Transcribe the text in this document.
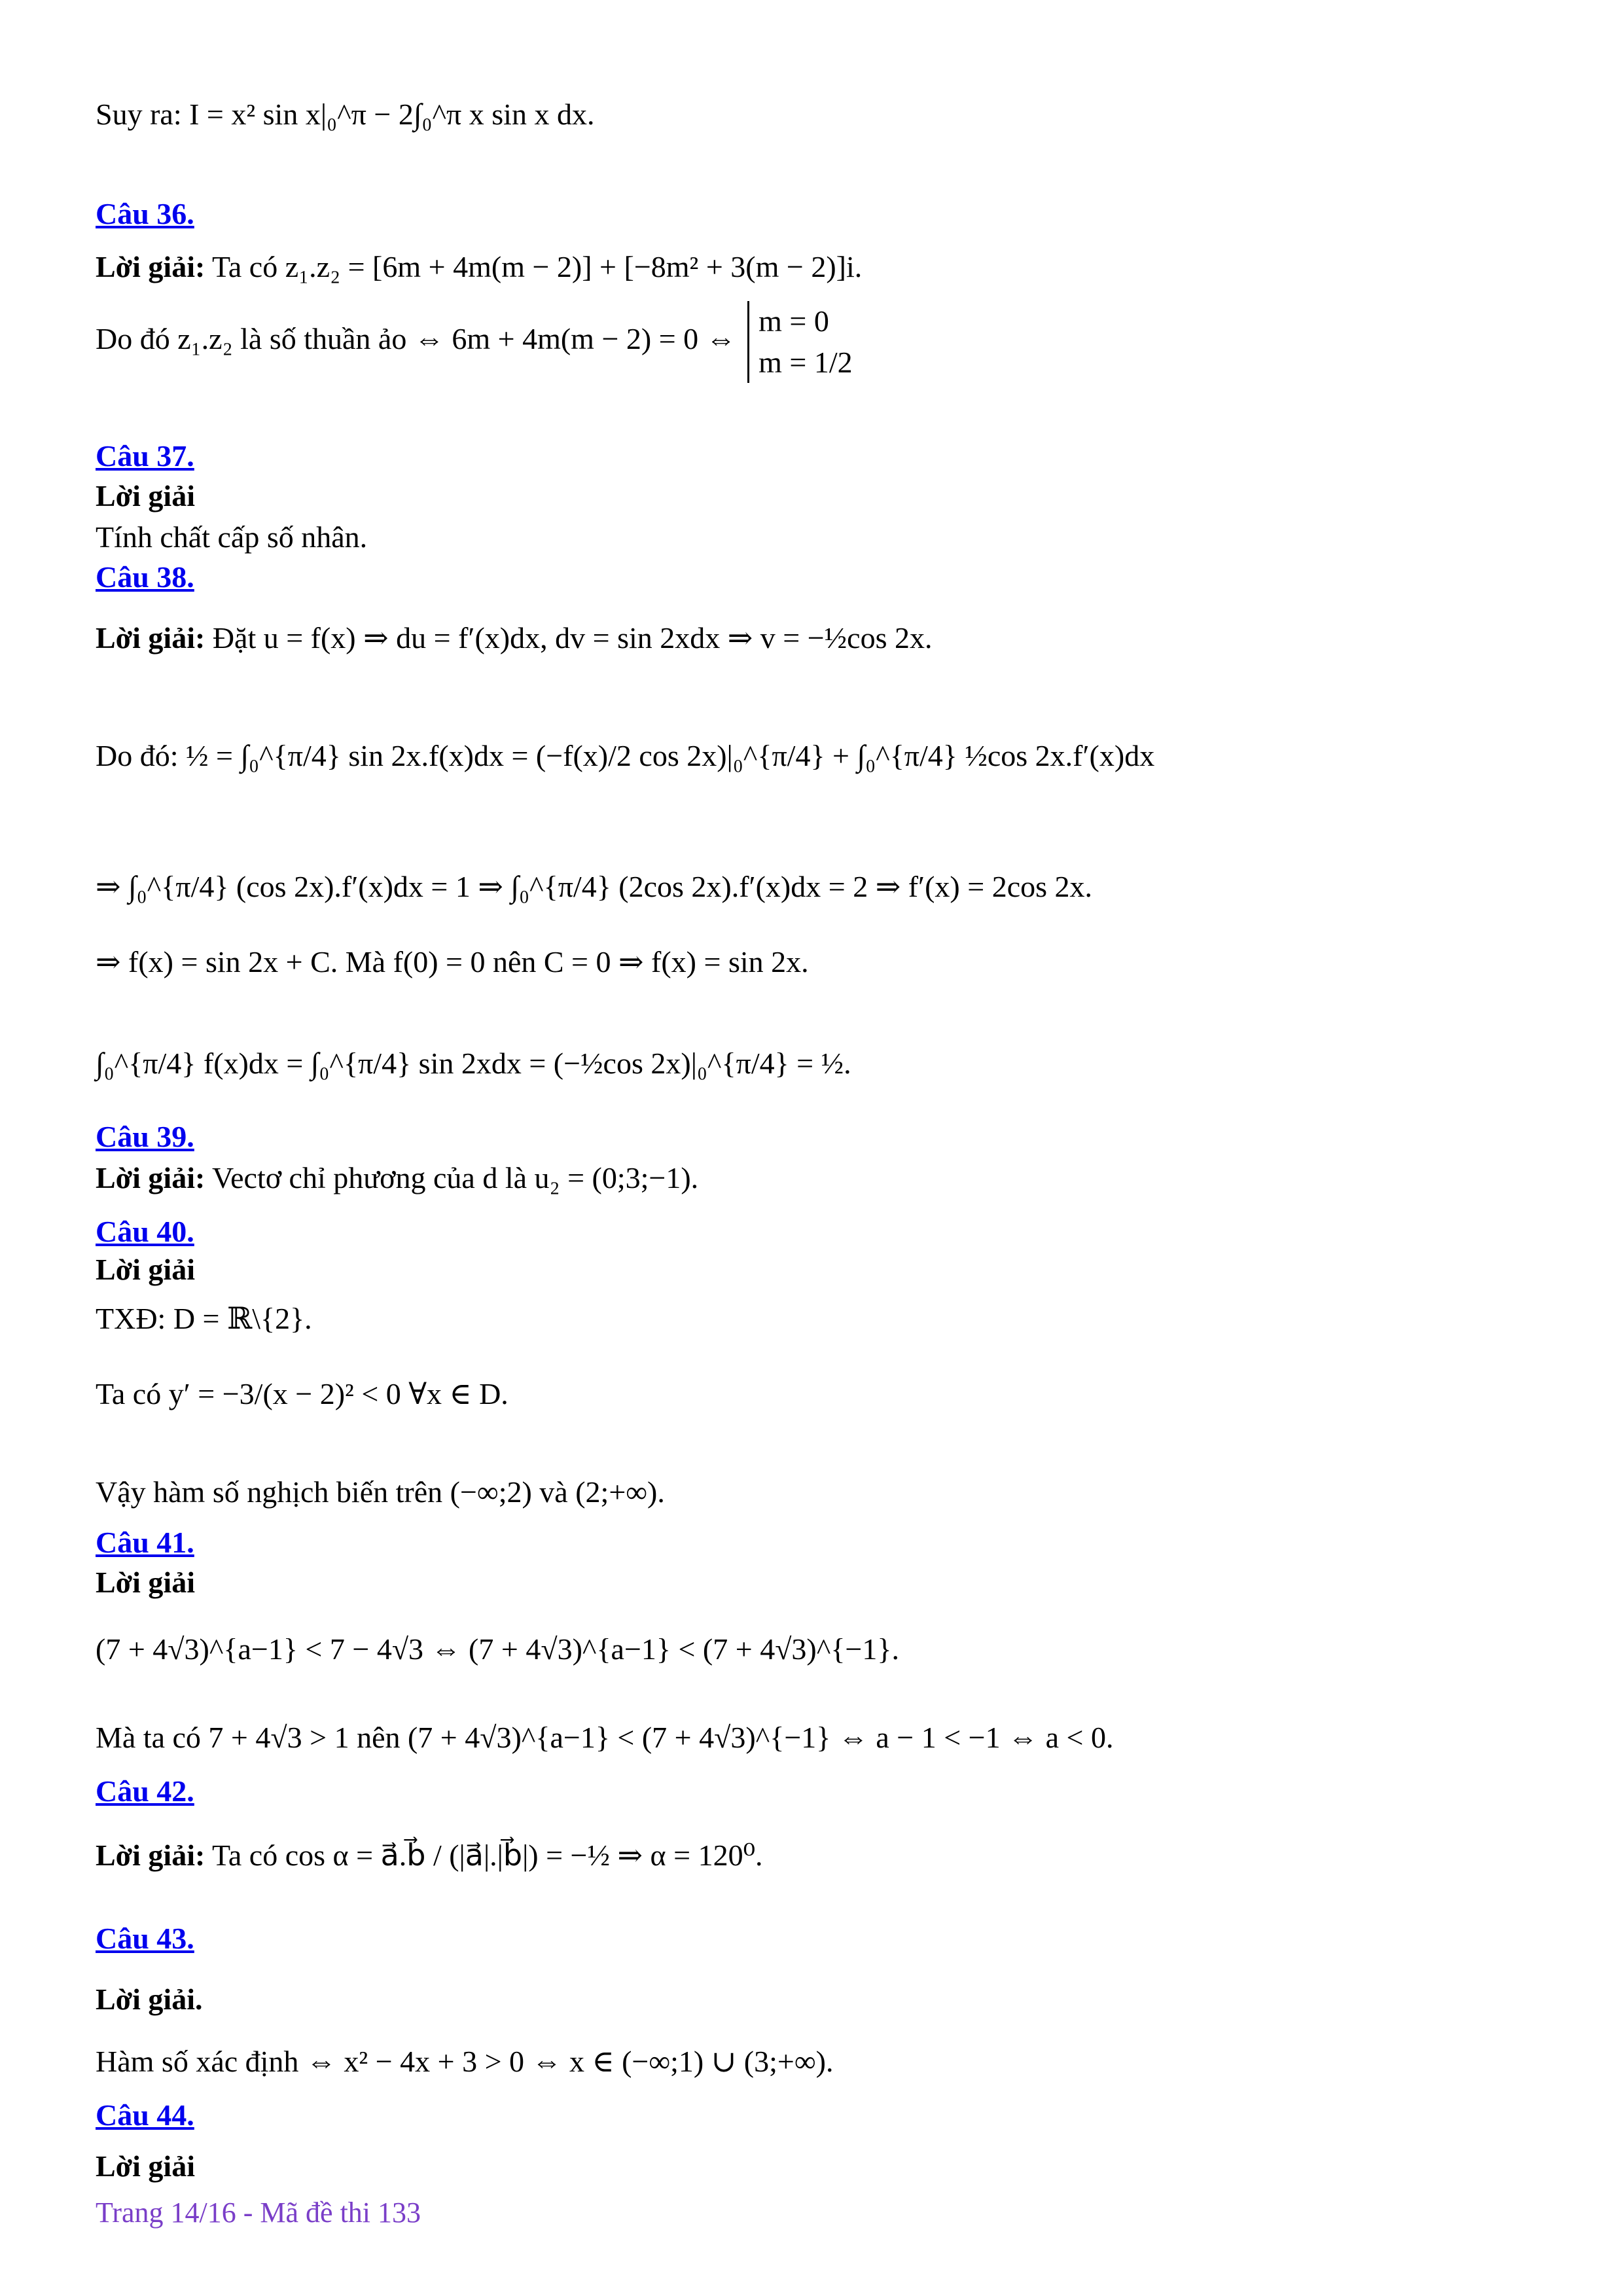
Suy ra: I = x² sin x|₀^π − 2∫₀^π x sin x dx.
Câu 36.
Lời giải: Ta có z₁.z₂ = [6m + 4m(m − 2)] + [−8m² + 3(m − 2)]i.
Do đó z₁.z₂ là số thuần ảo ⇔ 6m + 4m(m − 2) = 0 ⇔
m = 0
m = 1/2
Câu 37.
Lời giải
Tính chất cấp số nhân.
Câu 38.
Lời giải: Đặt u = f(x) ⇒ du = f′(x)dx, dv = sin 2xdx ⇒ v = −½cos 2x.
Do đó: ½ = ∫₀^{π/4} sin 2x.f(x)dx = (−f(x)/2 cos 2x)|₀^{π/4} + ∫₀^{π/4} ½cos 2x.f′(x)dx
⇒ ∫₀^{π/4} (cos 2x).f′(x)dx = 1 ⇒ ∫₀^{π/4} (2cos 2x).f′(x)dx = 2 ⇒ f′(x) = 2cos 2x.
⇒ f(x) = sin 2x + C. Mà f(0) = 0 nên C = 0 ⇒ f(x) = sin 2x.
∫₀^{π/4} f(x)dx = ∫₀^{π/4} sin 2xdx = (−½cos 2x)|₀^{π/4} = ½.
Câu 39.
Lời giải: Vectơ chỉ phương của d là u₂ = (0;3;−1).
Câu 40.
Lời giải
TXĐ: D = ℝ\{2}.
Ta có y′ = −3/(x − 2)² < 0 ∀x ∈ D.
Vậy hàm số nghịch biến trên (−∞;2) và (2;+∞).
Câu 41.
Lời giải
(7 + 4√3)^{a−1} < 7 − 4√3 ⇔ (7 + 4√3)^{a−1} < (7 + 4√3)^{−1}.
Mà ta có 7 + 4√3 > 1 nên (7 + 4√3)^{a−1} < (7 + 4√3)^{−1} ⇔ a − 1 < −1 ⇔ a < 0.
Câu 42.
Lời giải: Ta có cos α = a⃗.b⃗ / (|a⃗|.|b⃗|) = −½ ⇒ α = 120⁰.
Câu 43.
Lời giải.
Hàm số xác định ⇔ x² − 4x + 3 > 0 ⇔ x ∈ (−∞;1) ∪ (3;+∞).
Câu 44.
Lời giải
Trang 14/16 - Mã đề thi 133
